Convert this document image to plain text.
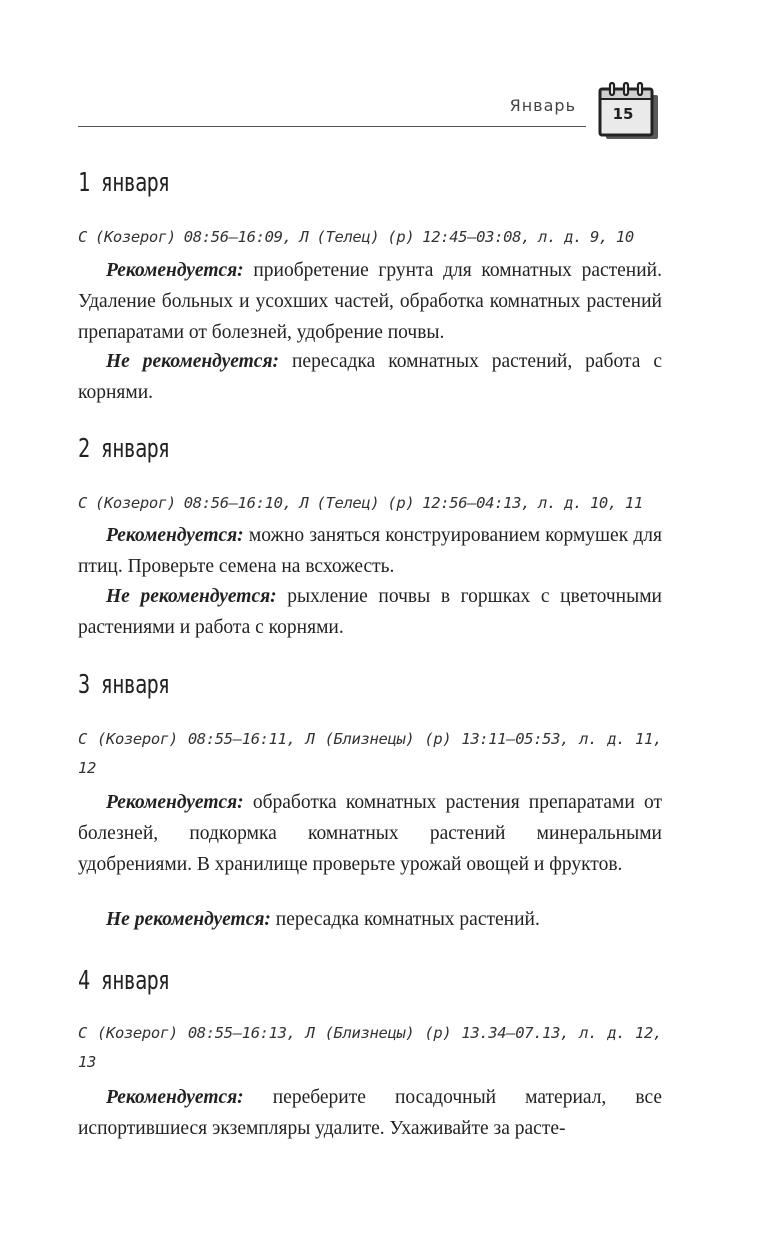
Январь	15
1 января
С (Козерог) 08:56—16:09, Л (Телец) (р) 12:45—03:08, л. д. 9, 10
Рекомендуется: приобретение грунта для комнатных растений. Удаление больных и усохших частей, обработка комнатных растений препаратами от болезней, удобрение почвы.
Не рекомендуется: пересадка комнатных растений, работа с корнями.
2 января
С (Козерог) 08:56—16:10, Л (Телец) (р) 12:56—04:13, л. д. 10, 11
Рекомендуется: можно заняться конструированием кормушек для птиц. Проверьте семена на всхожесть.
Не рекомендуется: рыхление почвы в горшках с цветочными растениями и работа с корнями.
3 января
С (Козерог) 08:55—16:11, Л (Близнецы) (р) 13:11—05:53, л. д. 11, 12
Рекомендуется: обработка комнатных растения препаратами от болезней, подкормка комнатных растений минеральными удобрениями. В хранилище проверьте урожай овощей и фруктов.
Не рекомендуется: пересадка комнатных растений.
4 января
С (Козерог) 08:55—16:13, Л (Близнецы) (р) 13.34—07.13, л. д. 12, 13
Рекомендуется: переберите посадочный материал, все испортившиеся экземпляры удалите. Ухаживайте за расте-
